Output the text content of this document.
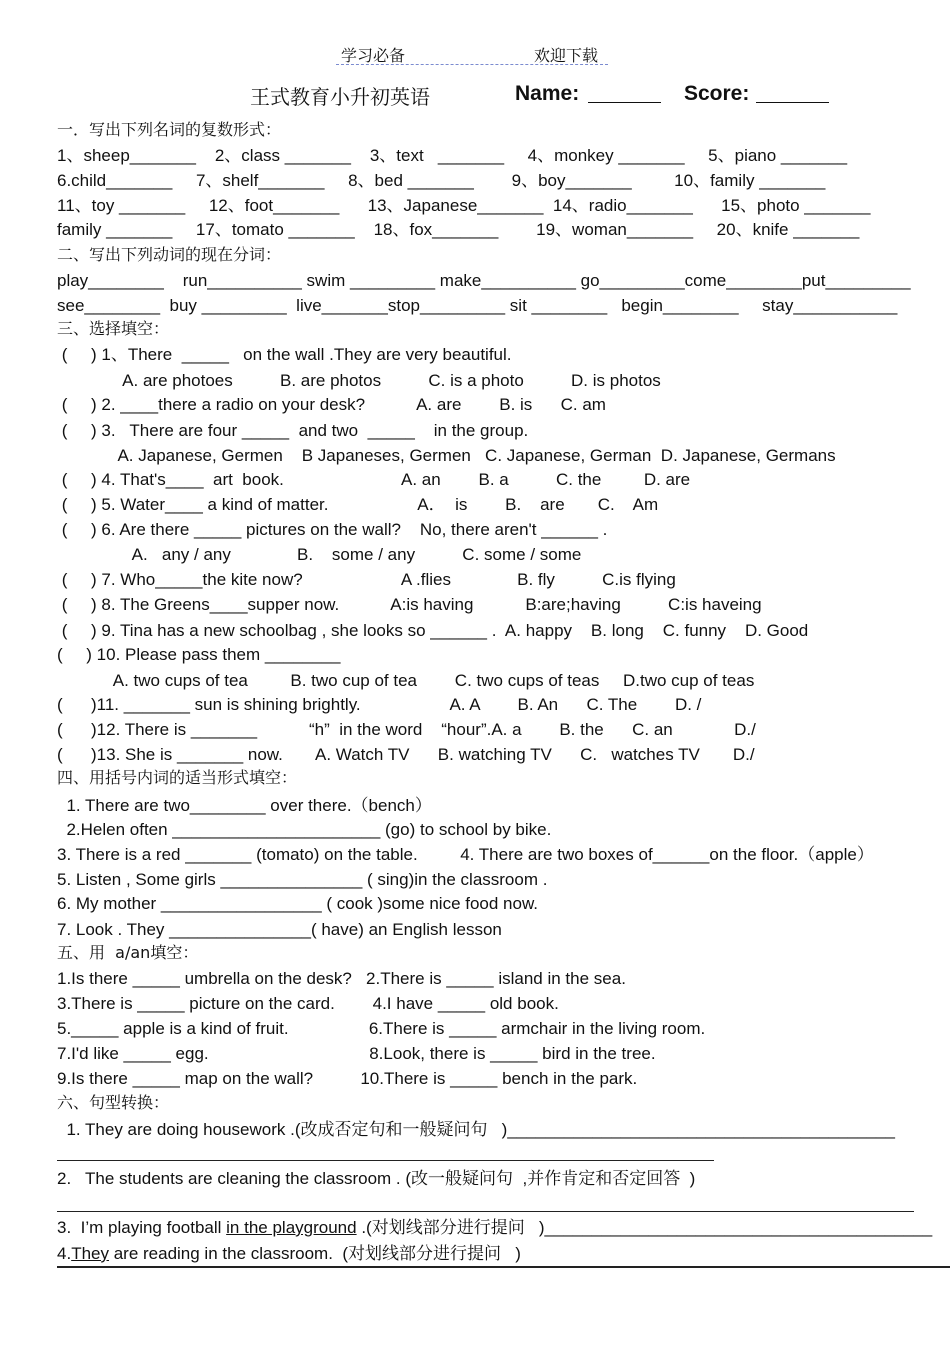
学习必备	欢迎下载
王式教育小升初英语	Name:	Score:
一．写出下列名词的复数形式：
1、sheep_______    2、class _______    3、text   _______     4、monkey _______     5、piano _______
6.child_______     7、shelf_______     8、bed _______        9、boy_______         10、family _______
11、toy _______     12、foot_______      13、Japanese_______  14、radio_______      15、photo _______
family _______     17、tomato _______    18、fox_______        19、woman_______     20、knife _______
二、写出下列动词的现在分词：
play________    run__________ swim _________ make__________ go_________come________put_________
see________  buy _________  live_______stop_________ sit ________   begin________     stay___________
三、选择填空：
(     ) 1、There  _____   on the wall .They are very beautiful.
A. are photoes          B. are photos          C. is a photo          D. is photos
(     ) 2. ____there a radio on your desk?           A. are        B. is      C. am
(     ) 3.   There are four _____  and two  _____    in the group.
A. Japanese, Germen    B Japaneses, Germen   C. Japanese, German  D. Japanese, Germans
(     ) 4. That's____  art  book.                         A. an        B. a          C. the         D. are
(     ) 5. Water____ a kind of matter.                   A．  is        B.    are       C.    Am
(     ) 6. Are there _____ pictures on the wall?    No, there aren't ______ .
A.   any / any              B.    some / any          C. some / some
(     ) 7. Who_____the kite now?                     A .flies              B. fly          C.is flying
(     ) 8. The Greens____supper now.           A:is having           B:are;having          C:is haveing
(     ) 9. Tina has a new schoolbag , she looks so ______ .  A. happy    B. long    C. funny    D. Good
(     ) 10. Please pass them ________
A. two cups of tea         B. two cup of tea        C. two cups of teas     D.two cup of teas
(      )11. _______ sun is shining brightly.                   A. A        B. An      C. The        D. /
(      )12. There is _______           “h”  in the word    “hour”.A. a        B. the      C. an             D./
(      )13. She is _______ now.       A. Watch TV      B. watching TV      C.   watches TV       D./
四、用括号内词的适当形式填空：
1. There are two________ over there.（bench）
2.Helen often ______________________ (go) to school by bike.
3. There is a red _______ (tomato) on the table.         4. There are two boxes of______on the floor.（apple）
5. Listen , Some girls _______________ ( sing)in the classroom .
6. My mother _________________ ( cook )some nice food now.
7. Look . They _______________( have) an English lesson
五、用  a/an填空：
1.Is there _____ umbrella on the desk?   2.There is _____ island in the sea.
3.There is _____ picture on the card.        4.I have _____ old book.
5._____ apple is a kind of fruit.                 6.There is _____ armchair in the living room.
7.I'd like _____ egg.                                  8.Look, there is _____ bird in the tree.
9.Is there _____ map on the wall?          10.There is _____ bench in the park.
六、句型转换：
1. They are doing housework .(改成否定句和一般疑问句   )_________________________________________
2.   The students are cleaning the classroom . (改一般疑问句  ,并作肯定和否定回答  )
3.  I’m playing football in the playground .(对划线部分进行提问   )_________________________________________
4.They are reading in the classroom.  (对划线部分进行提问   )
